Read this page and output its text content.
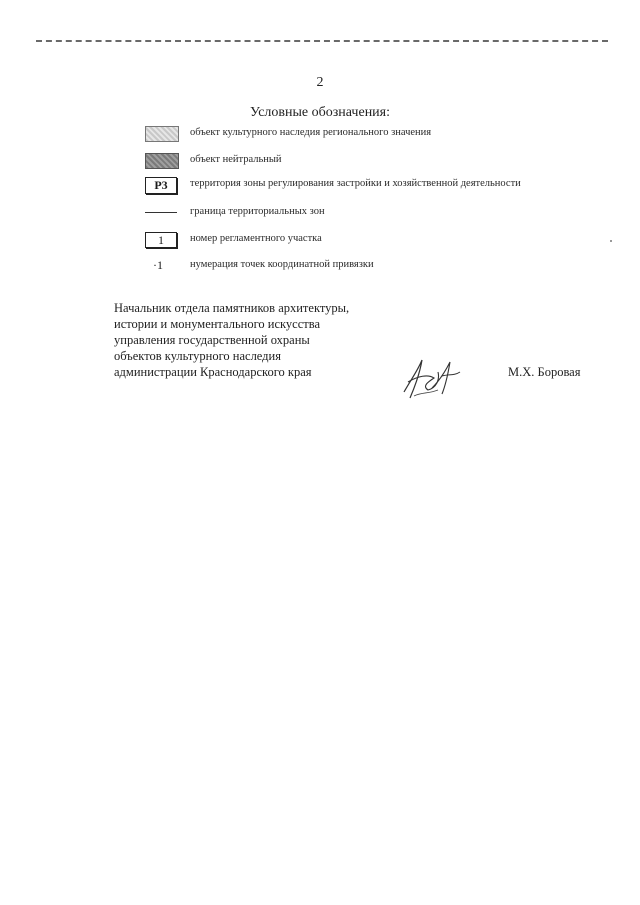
2
Условные обозначения:
объект культурного наследия регионального значения
объект нейтральный
Р3	территория зоны регулирования застройки и хозяйственной деятельности
граница территориальных зон
1	номер регламентного участка
·1	нумерация точек координатной привязки
Начальник отдела памятников архитектуры,
истории и монументального искусства
управления государственной охраны
объектов культурного наследия
администрации Краснодарского края	М.Х. Боровая
